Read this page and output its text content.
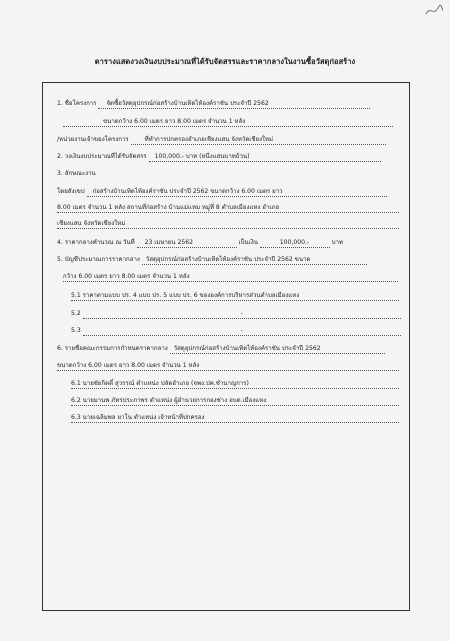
ตารางแสดงวงเงินงบประมาณที่ได้รับจัดสรรและราคากลางในงานซื้อวัสดุก่อสร้าง
1. ชื่อโครงการ จัดซื้อวัสดุอุปกรณ์ก่อสร้างบ้านเทิดไท้องค์ราชัน ประจำปี 2562
ขนาดกว้าง 6.00 เมตร ยาว 8.00 เมตร จำนวน 1 หลัง
/หน่วยงานเจ้าของโครงการ	ที่ทำการปกครองอำเภอเชียงแสน จังหวัดเชียงใหม่
2. วงเงินงบประมาณที่ได้รับจัดสรร 100,000.- บาท (หนึ่งแสนบาทถ้วน)
3. ลักษณะงาน
โดยสังเขป ก่อสร้างบ้านเทิดไท้องค์ราชัน ประจำปี 2562 ขนาดกว้าง 6.00 เมตร ยาว
8.00 เมตร จำนวน 1 หลัง สถานที่ก่อสร้าง บ้านแม่แหม หมู่ที่ 8 ตำบลเมืองแหง อำเภอ
เชียงแสน จังหวัดเชียงใหม่
4. ราคากลางคำนวณ ณ วันที่ 23 เมษายน 2562	เป็นเงิน	100,000.-	บาท
5. บัญชีประมาณการราคากลาง วัสดุอุปกรณ์ก่อสร้างบ้านเทิดไท้องค์ราชัน ประจำปี 2562 ขนาด
กว้าง 6.00 เมตร ยาว 8.00 เมตร จำนวน 1 หลัง
5.1 ราคาตามแบบ ปร. 4 แบบ ปร. 5 แบบ ปร. 6 ขององค์การบริหารส่วนตำบลเมืองแหง
5.2	-
5.3	-
6. รายชื่อคณะกรรมการกำหนดราคากลาง วัสดุอุปกรณ์ก่อสร้างบ้านเทิดไท้องค์ราชัน ประจำปี 2562
ขนาดกว้าง 6.00 เมตร ยาว 8.00 เมตร จำนวน 1 หลัง
6.1 นายชัยกิตติ์ สุวรรณ์ ตำแหน่ง ปลัดอำเภอ (จพง.ปค.ชำนาญการ)
6.2 นายมานพ ภัทรประภาพร ตำแหน่ง ผู้อำนวยการกองช่าง อบต.เมืองแหง
6.3 นายเฉลิมพล ยาโน ตำแหน่ง เจ้าหน้าที่ปกครอง
